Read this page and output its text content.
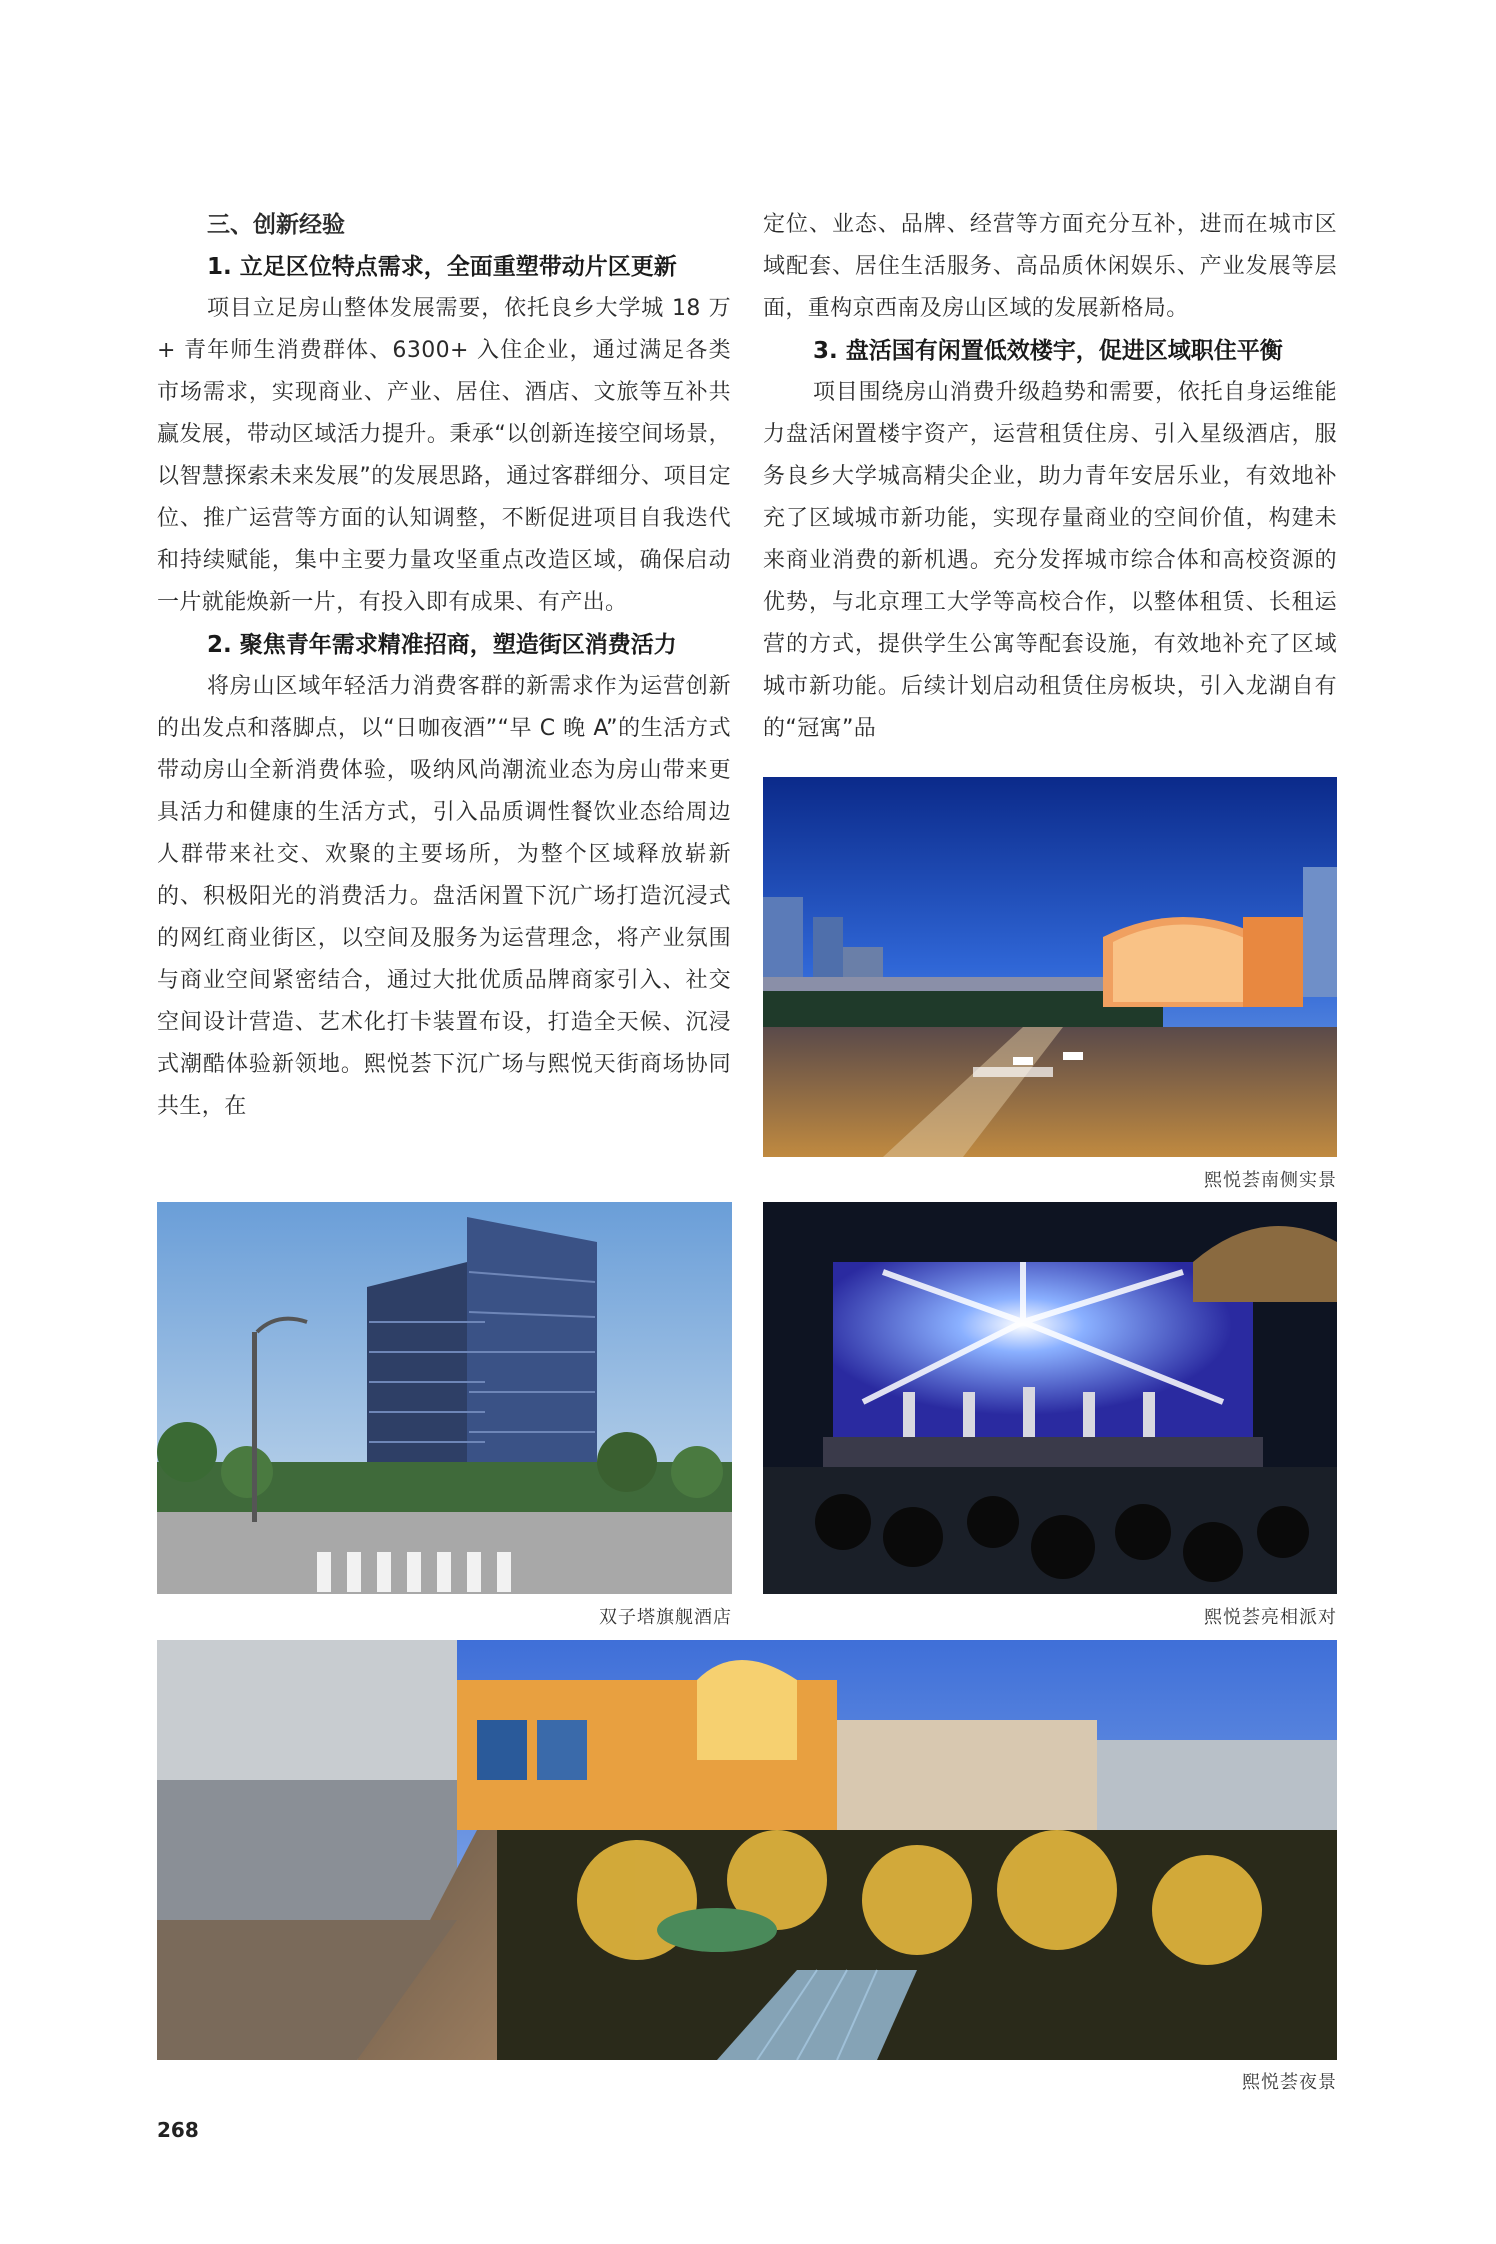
三、创新经验

1. 立足区位特点需求，全面重塑带动片区更新

项目立足房山整体发展需要，依托良乡大学城 18 万 + 青年师生消费群体、6300+ 入住企业，通过满足各类市场需求，实现商业、产业、居住、酒店、文旅等互补共赢发展，带动区域活力提升。秉承“以创新连接空间场景，以智慧探索未来发展”的发展思路，通过客群细分、项目定位、推广运营等方面的认知调整，不断促进项目自我迭代和持续赋能，集中主要力量攻坚重点改造区域，确保启动一片就能焕新一片，有投入即有成果、有产出。

2. 聚焦青年需求精准招商，塑造街区消费活力

将房山区域年轻活力消费客群的新需求作为运营创新的出发点和落脚点，以“日咖夜酒”“早 C 晚 A”的生活方式带动房山全新消费体验，吸纳风尚潮流业态为房山带来更具活力和健康的生活方式，引入品质调性餐饮业态给周边人群带来社交、欢聚的主要场所，为整个区域释放崭新的、积极阳光的消费活力。盘活闲置下沉广场打造沉浸式的网红商业街区，以空间及服务为运营理念，将产业氛围与商业空间紧密结合，通过大批优质品牌商家引入、社交空间设计营造、艺术化打卡装置布设，打造全天候、沉浸式潮酷体验新领地。熙悦荟下沉广场与熙悦天街商场协同共生，在

定位、业态、品牌、经营等方面充分互补，进而在城市区域配套、居住生活服务、高品质休闲娱乐、产业发展等层面，重构京西南及房山区域的发展新格局。

3. 盘活国有闲置低效楼宇，促进区域职住平衡

项目围绕房山消费升级趋势和需要，依托自身运维能力盘活闲置楼宇资产，运营租赁住房、引入星级酒店，服务良乡大学城高精尖企业，助力青年安居乐业，有效地补充了区域城市新功能，实现存量商业的空间价值，构建未来商业消费的新机遇。充分发挥城市综合体和高校资源的优势，与北京理工大学等高校合作，以整体租赁、长租运营的方式，提供学生公寓等配套设施，有效地补充了区域城市新功能。后续计划启动租赁住房板块，引入龙湖自有的“冠寓”品

熙悦荟南侧实景
双子塔旗舰酒店	熙悦荟亮相派对
熙悦荟夜景
268
